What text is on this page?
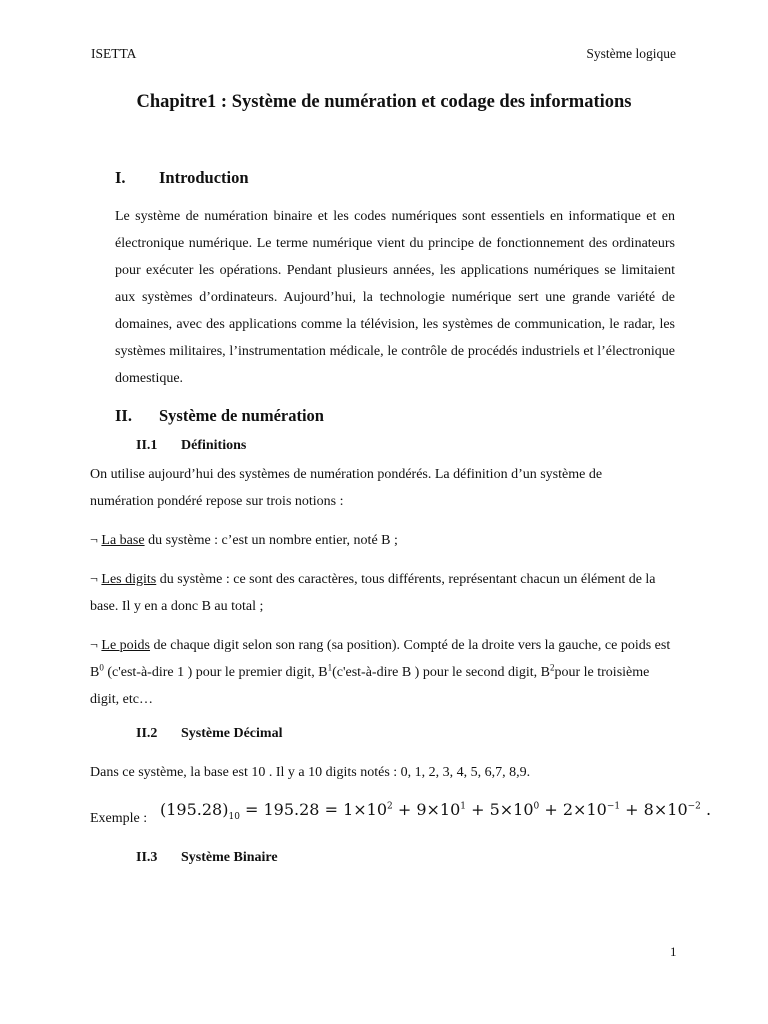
ISETTA	Système logique
Chapitre1 : Système de numération et codage des informations
I. Introduction
Le système de numération binaire et les codes numériques sont essentiels en informatique et en électronique numérique. Le terme numérique vient du principe de fonctionnement des ordinateurs pour exécuter les opérations. Pendant plusieurs années, les applications numériques se limitaient aux systèmes d’ordinateurs. Aujourd’hui, la technologie numérique sert une grande variété de domaines, avec des applications comme la télévision, les systèmes de communication, le radar, les systèmes militaires, l’instrumentation médicale, le contrôle de procédés industriels et l’électronique domestique.
II. Système de numération
II.1 Définitions
On utilise aujourd’hui des systèmes de numération pondérés. La définition d’un système de numération pondéré repose sur trois notions :
¬ La base du système : c’est un nombre entier, noté B ;
¬ Les digits du système : ce sont des caractères, tous différents, représentant chacun un élément de la base. Il y en a donc B au total ;
¬ Le poids de chaque digit selon son rang (sa position). Compté de la droite vers la gauche, ce poids est $B^0$ (c'est-à-dire 1 ) pour le premier digit, $B^1(c'est-à$-dire B ) pour le second digit, $B^2pour$ le troisième digit, etc…
II.2 Système Décimal
Dans ce système, la base est 10 . Il y a 10 digits notés : 0, 1, 2, 3, 4, 5, 6,7, 8,9.
Exemple : $(195.28)_{10} = 195.28 = 1\times 10^2 + 9\times 10^1 + 5\times 10^0 + 2\times 10^{-1} + 8\times 10^{-2}$ .
II.3 Système Binaire
1
